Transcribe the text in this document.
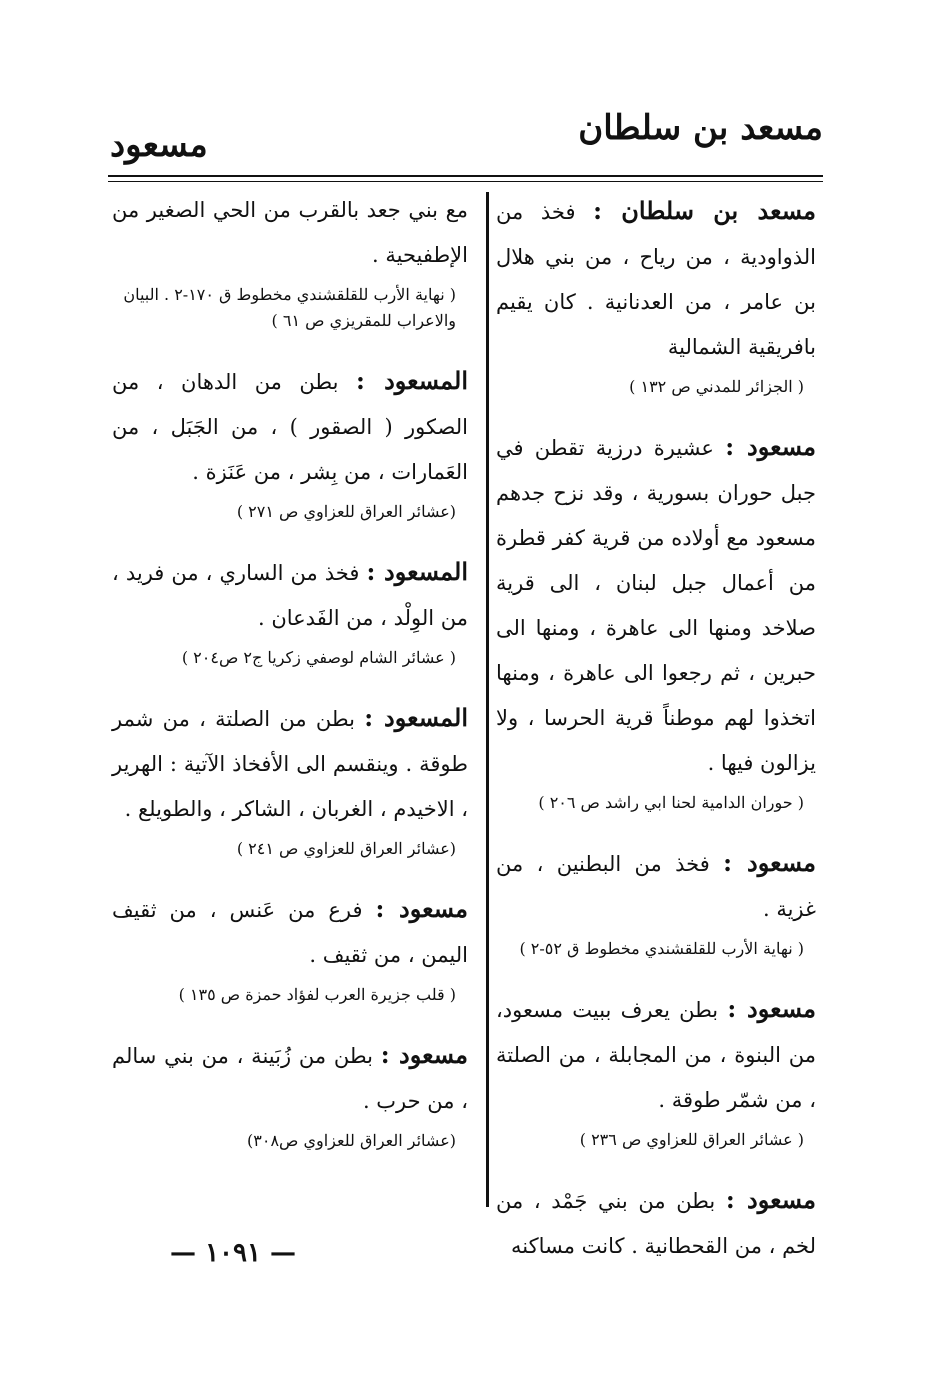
مسعد بن سلطان
مسعود
مسعد بن سلطان : فخذ من الذواودية ، من رياح ، من بني هلال بن عامر ، من العدنانية . كان يقيم بافريقية الشمالية
( الجزائر للمدني ص ١٣٢ )
مسعود : عشيرة درزية تقطن في جبل حوران بسورية ، وقد نزح جدهم مسعود مع أولاده من قرية كفر قطرة من أعمال جبل لبنان ، الى قرية صلاخد ومنها الى عاهرة ، ومنها الى حبرين ، ثم رجعوا الى عاهرة ، ومنها اتخذوا لهم موطناً قرية الحرسا ، ولا يزالون فيها .
( حوران الدامية لحنا ابي راشد ص ٢٠٦ )
مسعود : فخذ من البطنين ، من غزية .
( نهاية الأرب للقلقشندي مخطوط ق ٥٢-٢ )
مسعود : بطن يعرف ببيت مسعود، من البنوة ، من المجابلة ، من الصلتة ، من شمّر طوقة .
( عشائر العراق للعزاوي ص ٢٣٦ )
مسعود : بطن من بني جَمْد ، من لخم ، من القحطانية . كانت مساكنه
مع بني جعد بالقرب من الحي الصغير من الإطفيحية .
( نهاية الأرب للقلقشندي مخطوط ق ١٧٠-٢ . البيان والاعراب للمقريزي ص ٦١ )
المسعود : بطن من الدهان ، من الصكور ( الصقور ) ، من الجَبَل ، من العَمارات ، من بِشر ، من عَنَزة .
(عشائر العراق للعزاوي ص ٢٧١ )
المسعود : فخذ من الساري ، من فريد ، من الوِلْد ، من الفَدعان .
( عشائر الشام لوصفي زكريا ج٢ ص٢٠٤ )
المسعود : بطن من الصلتة ، من شمر طوقة . وينقسم الى الأفخاذ الآتية : الهرير ، الاخيدم ، الغربان ، الشاكر ، والطويلع .
(عشائر العراق للعزاوي ص ٢٤١ )
مسعود : فرع من عَنس ، من ثقيف اليمن ، من ثقيف .
( قلب جزيرة العرب لفؤاد حمزة ص ١٣٥ )
مسعود : بطن من زُبَينة ، من بني سالم ، من حرب .
(عشائر العراق للعزاوي ص٣٠٨)
— ١٠٩١ —
